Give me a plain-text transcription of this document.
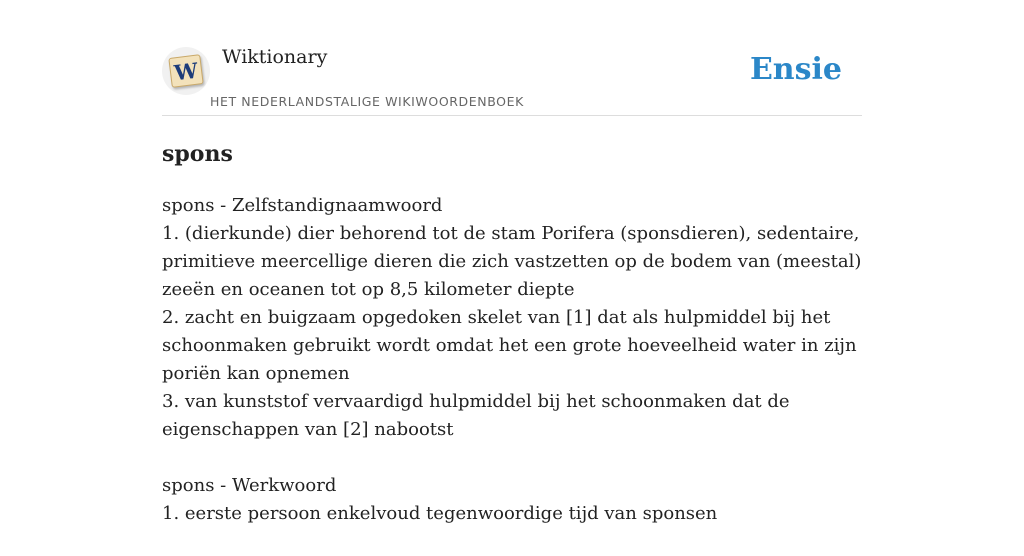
W
Wiktionary
HET NEDERLANDSTALIGE WIKIWOORDENBOEK
Ensie
spons
spons - Zelfstandignaamwoord
1. (dierkunde) dier behorend tot de stam Porifera (sponsdieren), sedentaire, primitieve meercellige dieren die zich vastzetten op de bodem van (meestal) zeeën en oceanen tot op 8,5 kilometer diepte
2. zacht en buigzaam opgedoken skelet van [1] dat als hulpmiddel bij het schoonmaken gebruikt wordt omdat het een grote hoeveelheid water in zijn poriën kan opnemen
3. van kunststof vervaardigd hulpmiddel bij het schoonmaken dat de eigenschappen van [2] nabootst
spons - Werkwoord
1. eerste persoon enkelvoud tegenwoordige tijd van sponsen
